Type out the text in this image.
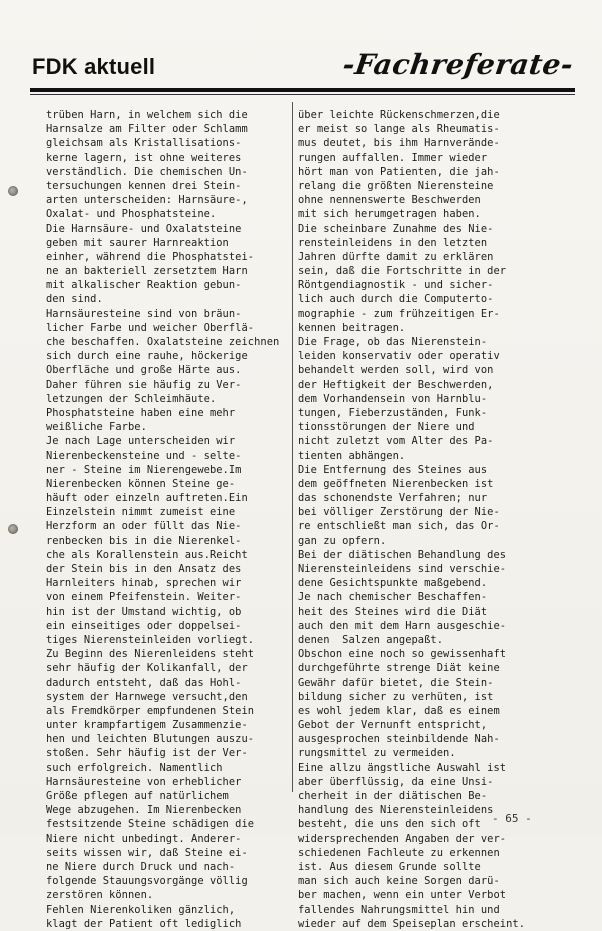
FDK aktuell	-Fachreferate-
trüben Harn, in welchem sich die
Harnsalze am Filter oder Schlamm
gleichsam als Kristallisations-
kerne lagern, ist ohne weiteres
verständlich. Die chemischen Un-
tersuchungen kennen drei Stein-
arten unterscheiden: Harnsäure-,
Oxalat- und Phosphatsteine.
Die Harnsäure- und Oxalatsteine
geben mit saurer Harnreaktion
einher, während die Phosphatstei-
ne an bakteriell zersetztem Harn
mit alkalischer Reaktion gebun-
den sind.
Harnsäuresteine sind von bräun-
licher Farbe und weicher Oberflä-
che beschaffen. Oxalatsteine zeichnen
sich durch eine rauhe, höckerige
Oberfläche und große Härte aus.
Daher führen sie häufig zu Ver-
letzungen der Schleimhäute.
Phosphatsteine haben eine mehr
weißliche Farbe.
Je nach Lage unterscheiden wir
Nierenbeckensteine und - selte-
ner - Steine im Nierengewebe.Im
Nierenbecken können Steine ge-
häuft oder einzeln auftreten.Ein
Einzelstein nimmt zumeist eine
Herzform an oder füllt das Nie-
renbecken bis in die Nierenkel-
che als Korallenstein aus.Reicht
der Stein bis in den Ansatz des
Harnleiters hinab, sprechen wir
von einem Pfeifenstein. Weiter-
hin ist der Umstand wichtig, ob
ein einseitiges oder doppelsei-
tiges Nierensteinleiden vorliegt.
Zu Beginn des Nierenleidens steht
sehr häufig der Kolikanfall, der
dadurch entsteht, daß das Hohl-
system der Harnwege versucht,den
als Fremdkörper empfundenen Stein
unter krampfartigem Zusammenzie-
hen und leichten Blutungen auszu-
stoßen. Sehr häufig ist der Ver-
such erfolgreich. Namentlich
Harnsäuresteine von erheblicher
Größe pflegen auf natürlichem
Wege abzugehen. Im Nierenbecken
festsitzende Steine schädigen die
Niere nicht unbedingt. Anderer-
seits wissen wir, daß Steine ei-
ne Niere durch Druck und nach-
folgende Stauungsvorgänge völlig
zerstören können.
Fehlen Nierenkoliken gänzlich,
klagt der Patient oft lediglich
über leichte Rückenschmerzen,die
er meist so lange als Rheumatis-
mus deutet, bis ihm Harnverände-
rungen auffallen. Immer wieder
hört man von Patienten, die jah-
relang die größten Nierensteine
ohne nennenswerte Beschwerden
mit sich herumgetragen haben.
Die scheinbare Zunahme des Nie-
rensteinleidens in den letzten
Jahren dürfte damit zu erklären
sein, daß die Fortschritte in der
Röntgendiagnostik - und sicher-
lich auch durch die Computerto-
mographie - zum frühzeitigen Er-
kennen beitragen.
Die Frage, ob das Nierenstein-
leiden konservativ oder operativ
behandelt werden soll, wird von
der Heftigkeit der Beschwerden,
dem Vorhandensein von Harnblu-
tungen, Fieberzuständen, Funk-
tionsstörungen der Niere und
nicht zuletzt vom Alter des Pa-
tienten abhängen.
Die Entfernung des Steines aus
dem geöffneten Nierenbecken ist
das schonendste Verfahren; nur
bei völliger Zerstörung der Nie-
re entschließt man sich, das Or-
gan zu opfern.
Bei der diätischen Behandlung des
Nierensteinleidens sind verschie-
dene Gesichtspunkte maßgebend.
Je nach chemischer Beschaffen-
heit des Steines wird die Diät
auch den mit dem Harn ausgeschie-
denen  Salzen angepaßt.
Obschon eine noch so gewissenhaft
durchgeführte strenge Diät keine
Gewähr dafür bietet, die Stein-
bildung sicher zu verhüten, ist
es wohl jedem klar, daß es einem
Gebot der Vernunft entspricht,
ausgesprochen steinbildende Nah-
rungsmittel zu vermeiden.
Eine allzu ängstliche Auswahl ist
aber überflüssig, da eine Unsi-
cherheit in der diätischen Be-
handlung des Nierensteinleidens
besteht, die uns den sich oft
widersprechenden Angaben der ver-
schiedenen Fachleute zu erkennen
ist. Aus diesem Grunde sollte
man sich auch keine Sorgen darü-
ber machen, wenn ein unter Verbot
fallendes Nahrungsmittel hin und
wieder auf dem Speiseplan erscheint.
- 65 -
